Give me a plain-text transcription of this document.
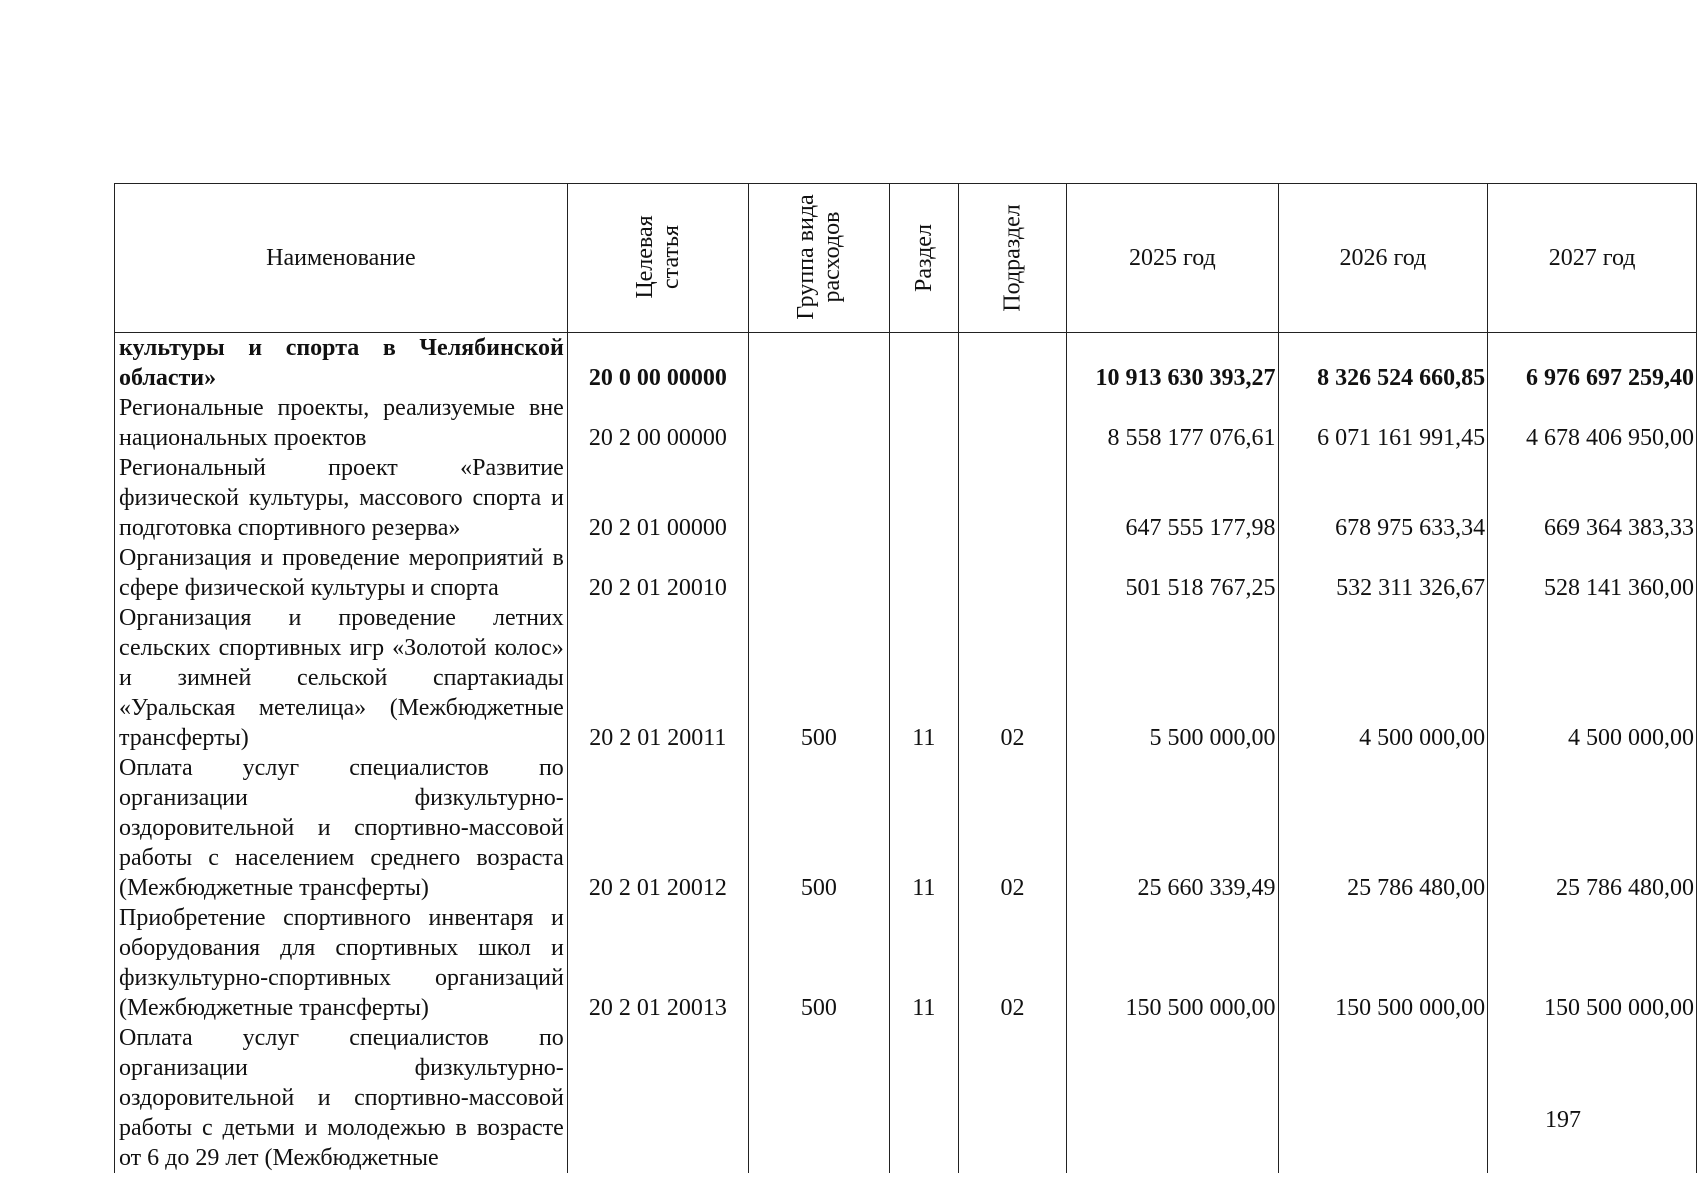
Наименование	Целевая статья	Группа вида расходов	Раздел	Подраздел	2025 год	2026 год	2027 год
культуры и спорта в Челябинской области»	20 0 00 00000				10 913 630 393,27	8 326 524 660,85	6 976 697 259,40
Региональные проекты, реализуемые вне национальных проектов	20 2 00 00000				8 558 177 076,61	6 071 161 991,45	4 678 406 950,00
Региональный проект «Развитие физической культуры, массового спорта и подготовка спортивного резерва»	20 2 01 00000				647 555 177,98	678 975 633,34	669 364 383,33
Организация и проведение мероприятий в сфере физической культуры и спорта	20 2 01 20010				501 518 767,25	532 311 326,67	528 141 360,00
Организация и проведение летних сельских спортивных игр «Золотой колос» и зимней сельской спартакиады «Уральская метелица» (Межбюджетные трансферты)	20 2 01 20011	500	11	02	5 500 000,00	4 500 000,00	4 500 000,00
Оплата услуг специалистов по организации физкультурно-оздоровительной и спортивно-массовой работы с населением среднего возраста (Межбюджетные трансферты)	20 2 01 20012	500	11	02	25 660 339,49	25 786 480,00	25 786 480,00
Приобретение спортивного инвентаря и оборудования для спортивных школ и физкультурно-спортивных организаций (Межбюджетные трансферты)	20 2 01 20013	500	11	02	150 500 000,00	150 500 000,00	150 500 000,00
Оплата услуг специалистов по организации физкультурно-оздоровительной и спортивно-массовой работы с детьми и молодежью в возрасте от 6 до 29 лет (Межбюджетные							
197
